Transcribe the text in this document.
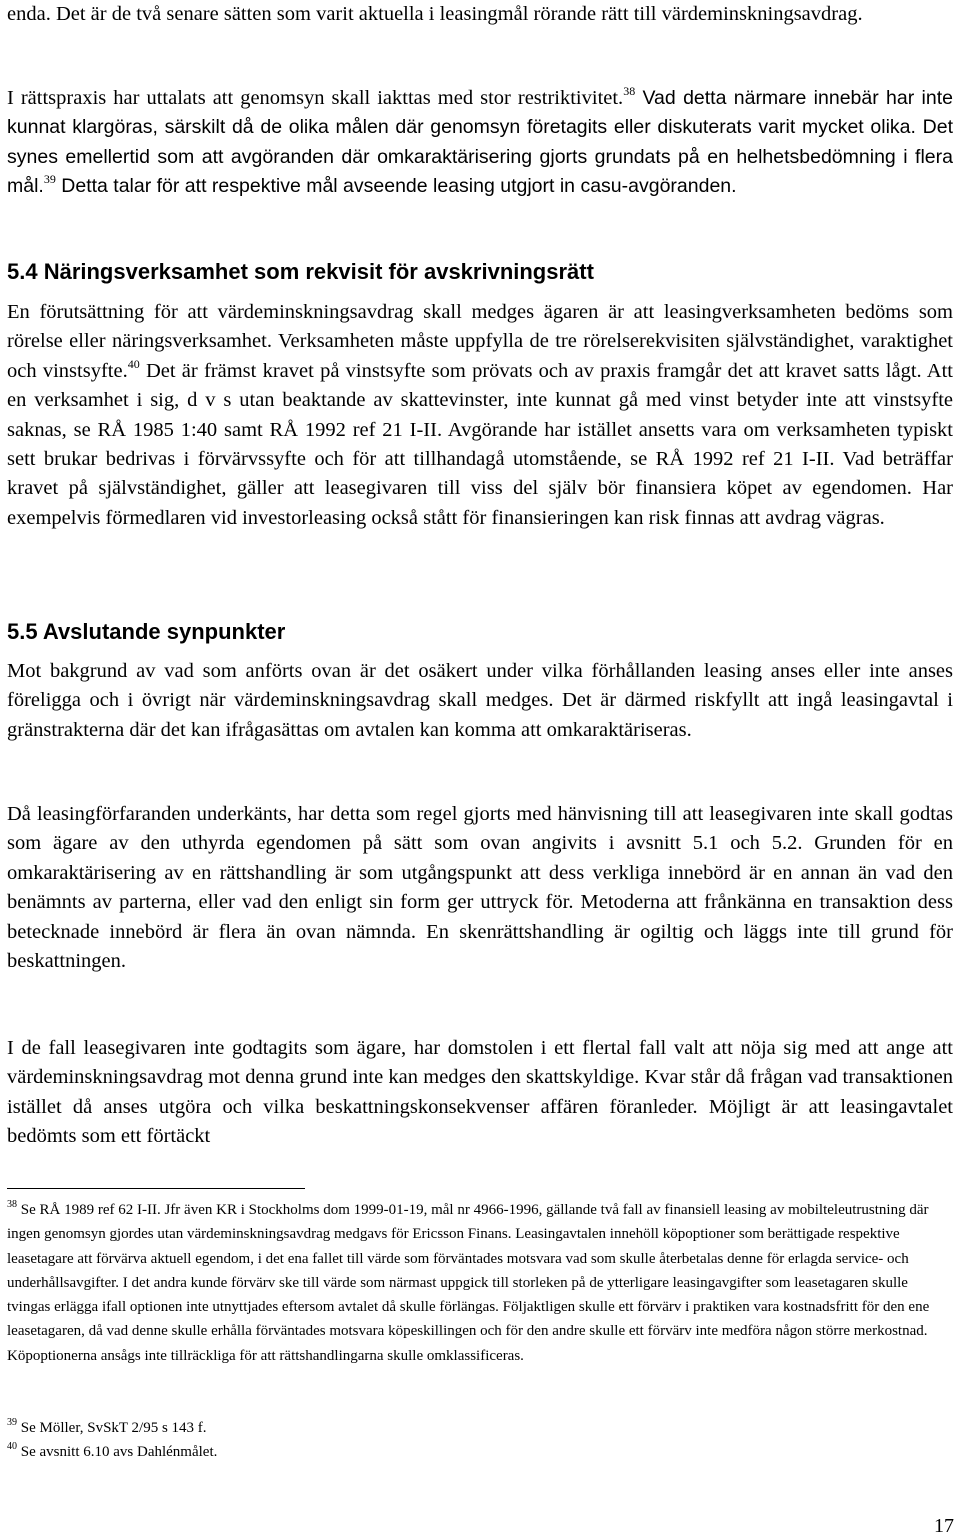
enda. Det är de två senare sätten som varit aktuella i leasingmål rörande rätt till värdeminskningsavdrag.
I rättspraxis har uttalats att genomsyn skall iakttas med stor restriktivitet.$^{38}$ Vad detta närmare innebär har inte kunnat klargöras, särskilt då de olika målen där genomsyn företagits eller diskuterats varit mycket olika. Det synes emellertid som att avgöranden där omkaraktärisering gjorts grundats på en helhetsbedömning i flera mål.$^{39}$ Detta talar för att respektive mål avseende leasing utgjort in casu-avgöranden.
5.4 Näringsverksamhet som rekvisit för avskrivningsrätt
En förutsättning för att värdeminskningsavdrag skall medges ägaren är att leasingverksamheten bedöms som rörelse eller näringsverksamhet. Verksamheten måste uppfylla de tre rörelserekvisiten självständighet, varaktighet och vinstsyfte.$^{40}$ Det är främst kravet på vinstsyfte som prövats och av praxis framgår det att kravet satts lågt. Att en verksamhet i sig, d v s utan beaktande av skattevinster, inte kunnat gå med vinst betyder inte att vinstsyfte saknas, se RÅ 1985 1:40 samt RÅ 1992 ref 21 I-II. Avgörande har istället ansetts vara om verksamheten typiskt sett brukar bedrivas i förvärvssyfte och för att tillhandagå utomstående, se RÅ 1992 ref 21 I-II. Vad beträffar kravet på självständighet, gäller att leasegivaren till viss del själv bör finansiera köpet av egendomen. Har exempelvis förmedlaren vid investorleasing också stått för finansieringen kan risk finnas att avdrag vägras.
5.5 Avslutande synpunkter
Mot bakgrund av vad som anförts ovan är det osäkert under vilka förhållanden leasing anses eller inte anses föreligga och i övrigt när värdeminskningsavdrag skall medges. Det är därmed riskfyllt att ingå leasingavtal i gränstrakterna där det kan ifrågasättas om avtalen kan komma att omkaraktäriseras.
Då leasingförfaranden underkänts, har detta som regel gjorts med hänvisning till att leasegivaren inte skall godtas som ägare av den uthyrda egendomen på sätt som ovan angivits i avsnitt 5.1 och 5.2. Grunden för en omkaraktärisering av en rättshandling är som utgångspunkt att dess verkliga innebörd är en annan än vad den benämnts av parterna, eller vad den enligt sin form ger uttryck för. Metoderna att frånkänna en transaktion dess betecknade innebörd är flera än ovan nämnda. En skenrättshandling är ogiltig och läggs inte till grund för beskattningen.
I de fall leasegivaren inte godtagits som ägare, har domstolen i ett flertal fall valt att nöja sig med att ange att värdeminskningsavdrag mot denna grund inte kan medges den skattskyldige. Kvar står då frågan vad transaktionen istället då anses utgöra och vilka beskattningskonsekvenser affären föranleder. Möjligt är att leasingavtalet bedömts som ett förtäckt
$^{38}$ Se RÅ 1989 ref 62 I-II. Jfr även KR i Stockholms dom 1999-01-19, mål nr 4966-1996, gällande två fall av finansiell leasing av mobilteleutrustning där ingen genomsyn gjordes utan värdeminskningsavdrag medgavs för Ericsson Finans. Leasingavtalen innehöll köpoptioner som berättigade respektive leasetagare att förvärva aktuell egendom, i det ena fallet till värde som förväntades motsvara vad som skulle återbetalas denne för erlagda service- och underhållsavgifter. I det andra kunde förvärv ske till värde som närmast uppgick till storleken på de ytterligare leasingavgifter som leasetagaren skulle tvingas erlägga ifall optionen inte utnyttjades eftersom avtalet då skulle förlängas. Följaktligen skulle ett förvärv i praktiken vara kostnadsfritt för den ene leasetagaren, då vad denne skulle erhålla förväntades motsvara köpeskillingen och för den andre skulle ett förvärv inte medföra någon större merkostnad. Köpoptionerna ansågs inte tillräckliga för att rättshandlingarna skulle omklassificeras.
$^{39}$ Se Möller, SvSkT 2/95 s 143 f.
$^{40}$ Se avsnitt 6.10 avs Dahlénmålet.
17
